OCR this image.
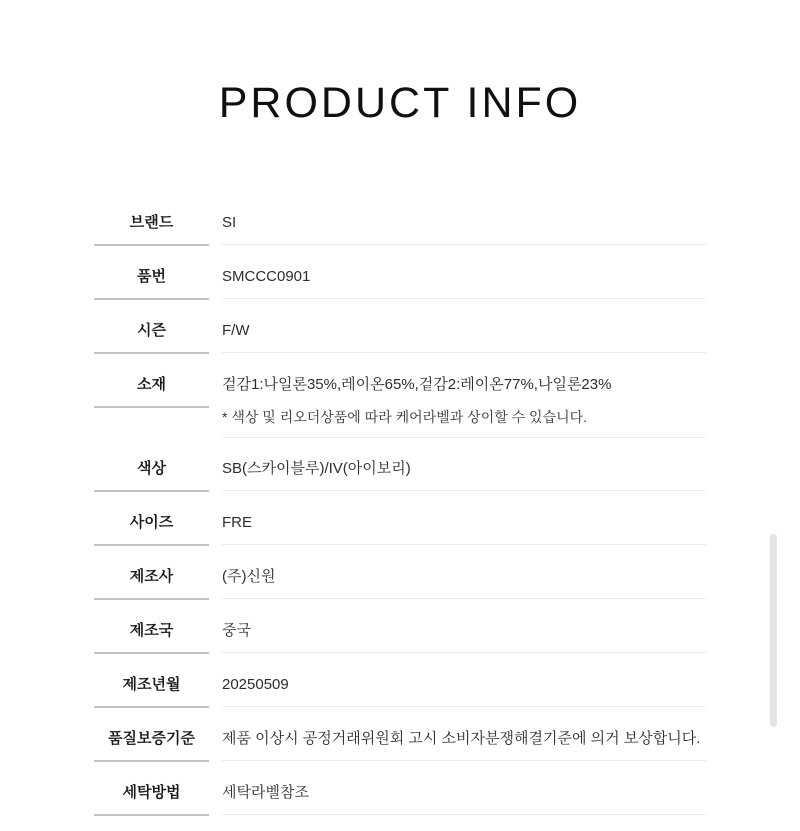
PRODUCT INFO
브랜드	SI
품번	SMCCC0901
시즌	F/W
소재	겉감1:나일론35%,레이온65%,겉감2:레이온77%,나일론23%
* 색상 및 리오더상품에 따라 케어라벨과 상이할 수 있습니다.
색상	SB(스카이블루)/IV(아이보리)
사이즈	FRE
제조사	(주)신원
제조국	중국
제조년월	20250509
품질보증기준	제품 이상시 공정거래위원회 고시 소비자분쟁해결기준에 의거 보상합니다.
세탁방법	세탁라벨참조
